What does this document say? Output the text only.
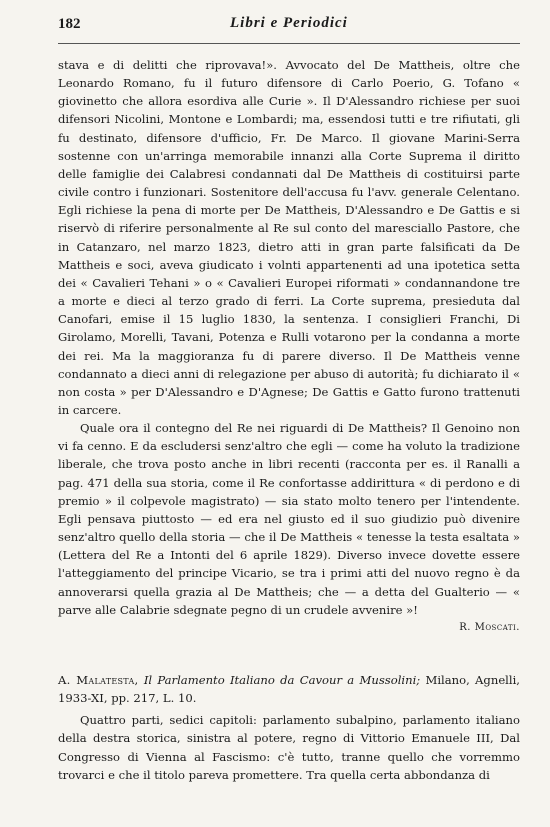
182	Libri e Periodici

stava e di delitti che riprovava!». Avvocato del De Mattheis, oltre che Leonardo Romano, fu il futuro difensore di Carlo Poerio, G. Tofano « giovinetto che allora esordiva alle Curie ». Il D'Alessandro richiese per suoi difensori Nicolini, Montone e Lombardi; ma, essendosi tutti e tre rifiutati, gli fu destinato, difensore d'ufficio, Fr. De Marco. Il giovane Marini-Serra sostenne con un'arringa memorabile innanzi alla Corte Suprema il diritto delle famiglie dei Calabresi condannati dal De Mattheis di costituirsi parte civile contro i funzionari. Sostenitore dell'accusa fu l'avv. generale Celentano. Egli richiese la pena di morte per De Mattheis, D'Alessandro e De Gattis e si riservò di riferire personalmente al Re sul conto del maresciallo Pastore, che in Catanzaro, nel marzo 1823, dietro atti in gran parte falsificati da De Mattheis e soci, aveva giudicato i volnti appartenenti ad una ipotetica setta dei « Cavalieri Tehani » o « Cavalieri Europei riformati » condannandone tre a morte e dieci al terzo grado di ferri. La Corte suprema, presieduta dal Canofari, emise il 15 luglio 1830, la sentenza. I consiglieri Franchi, Di Girolamo, Morelli, Tavani, Potenza e Rulli votarono per la condanna a morte dei rei. Ma la maggioranza fu di parere diverso. Il De Mattheis venne condannato a dieci anni di relegazione per abuso di autorità; fu dichiarato il « non costa » per D'Alessandro e D'Agnese; De Gattis e Gatto furono trattenuti in carcere.

Quale ora il contegno del Re nei riguardi di De Mattheis? Il Genoino non vi fa cenno. E da escludersi senz'altro che egli — come ha voluto la tradizione liberale, che trova posto anche in libri recenti (racconta per es. il Ranalli a pag. 471 della sua storia, come il Re confortasse addirittura « di perdono e di premio » il colpevole magistrato) — sia stato molto tenero per l'intendente. Egli pensava piuttosto — ed era nel giusto ed il suo giudizio può divenire senz'altro quello della storia — che il De Mattheis « tenesse la testa esaltata » (Lettera del Re a Intonti del 6 aprile 1829). Diverso invece dovette essere l'atteggiamento del principe Vicario, se tra i primi atti del nuovo regno è da annoverarsi quella grazia al De Mattheis; che — a detta del Gualterio — « parve alle Calabrie sdegnate pegno di un crudele avvenire »!

R. Moscati.

A. Malatesta, Il Parlamento Italiano da Cavour a Mussolini; Milano, Agnelli, 1933-XI, pp. 217, L. 10.

Quattro parti, sedici capitoli: parlamento subalpino, parlamento italiano della destra storica, sinistra al potere, regno di Vittorio Emanuele III, Dal Congresso di Vienna al Fascismo: c'è tutto, tranne quello che vorremmo trovarci e che il titolo pareva promettere. Tra quella certa abbondanza di
